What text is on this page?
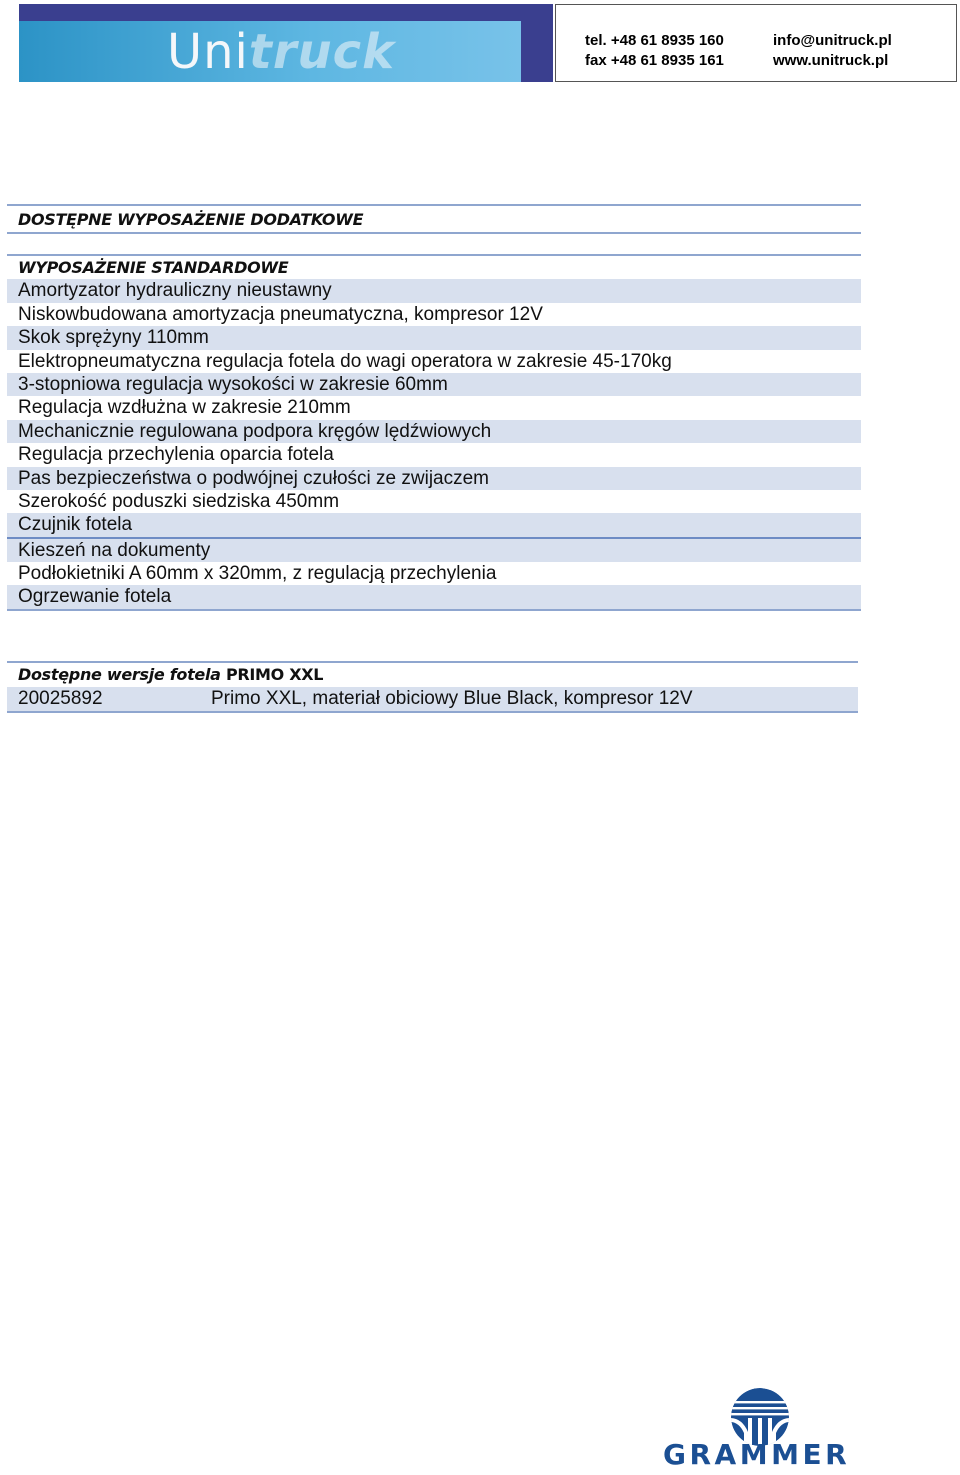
Unitruck	tel. +48 61 8935 160
fax +48 61 8935 161
info@unitruck.pl
www.unitruck.pl
DOSTĘPNE WYPOSAŻENIE DODATKOWE
WYPOSAŻENIE STANDARDOWE
Amortyzator hydrauliczny nieustawny
Niskowbudowana amortyzacja pneumatyczna, kompresor 12V
Skok sprężyny 110mm
Elektropneumatyczna regulacja fotela do wagi operatora w zakresie 45-170kg
3-stopniowa regulacja wysokości w zakresie 60mm
Regulacja wzdłużna w zakresie 210mm
Mechanicznie regulowana podpora kręgów lędźwiowych
Regulacja przechylenia oparcia fotela
Pas bezpieczeństwa o podwójnej czułości ze zwijaczem
Szerokość poduszki siedziska 450mm
Czujnik fotela
Kieszeń na dokumenty
Podłokietniki A 60mm x 320mm, z regulacją przechylenia
Ogrzewanie fotela
Dostępne wersje fotela PRIMO XXL
20025892	Primo XXL, materiał obiciowy Blue Black, kompresor 12V
GRAMMER
